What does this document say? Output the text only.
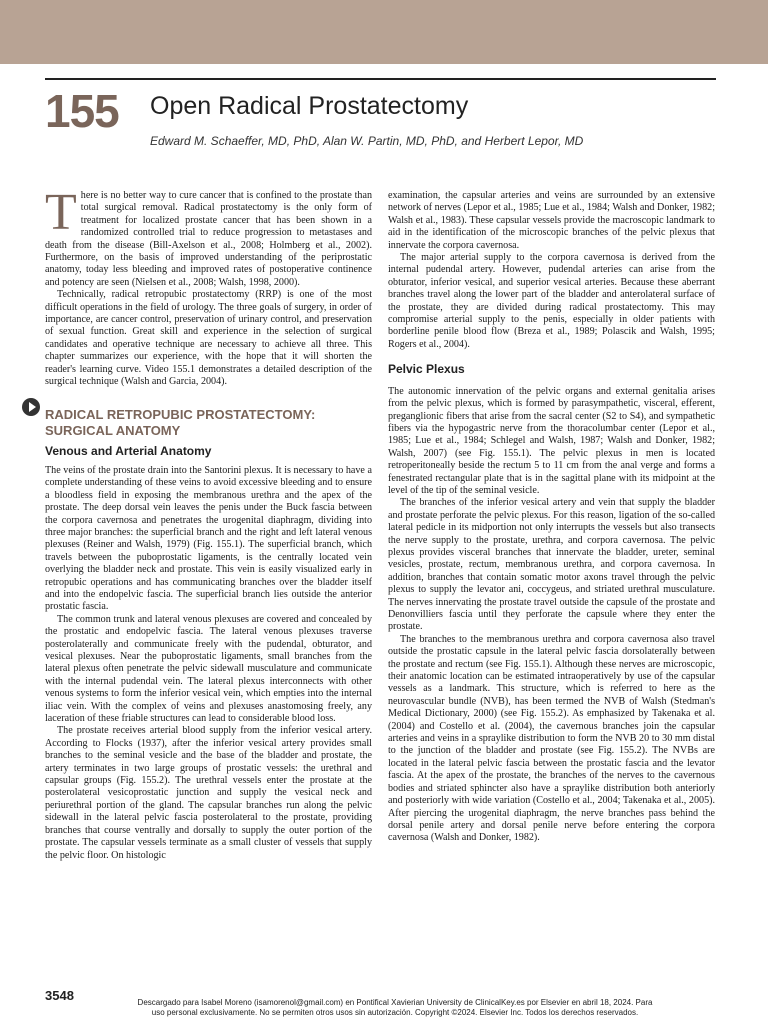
155 Open Radical Prostatectomy
Edward M. Schaeffer, MD, PhD, Alan W. Partin, MD, PhD, and Herbert Lepor, MD

There is no better way to cure cancer that is confined to the prostate than total surgical removal. Radical prostatectomy is the only form of treatment for localized prostate cancer that has been shown in a randomized controlled trial to reduce progression to metastases and death from the disease (Bill-Axelson et al., 2008; Holmberg et al., 2002). Furthermore, on the basis of improved understanding of the periprostatic anatomy, today less bleeding and improved rates of postoperative continence and potency are seen (Nielsen et al., 2008; Walsh, 1998, 2000).

Technically, radical retropubic prostatectomy (RRP) is one of the most difficult operations in the field of urology. The three goals of surgery, in order of importance, are cancer control, preservation of urinary control, and preservation of sexual function. Great skill and experience in the selection of surgical candidates and operative technique are necessary to achieve all three. This chapter summarizes our experience, with the hope that it will shorten the reader's learning curve. Video 155.1 demonstrates a detailed description of the surgical technique (Walsh and Garcia, 2004).

RADICAL RETROPUBIC PROSTATECTOMY: SURGICAL ANATOMY
Venous and Arterial Anatomy

The veins of the prostate drain into the Santorini plexus. It is necessary to have a complete understanding of these veins to avoid excessive bleeding and to ensure a bloodless field in exposing the membranous urethra and the apex of the prostate. The deep dorsal vein leaves the penis under the Buck fascia between the corpora cavernosa and penetrates the urogenital diaphragm, dividing into three major branches: the superficial branch and the right and left lateral venous plexuses (Reiner and Walsh, 1979) (Fig. 155.1). The superficial branch, which travels between the puboprostatic ligaments, is the centrally located vein overlying the bladder neck and prostate. This vein is easily visualized early in retropubic operations and has communicating branches over the bladder itself and into the endopelvic fascia. The superficial branch lies outside the anterior prostatic fascia.

The common trunk and lateral venous plexuses are covered and concealed by the prostatic and endopelvic fascia. The lateral venous plexuses traverse posterolaterally and communicate freely with the pudendal, obturator, and vesical plexuses. Near the puboprostatic ligaments, small branches from the lateral plexus often penetrate the pelvic sidewall musculature and communicate with the internal pudendal vein. The lateral plexus interconnects with other venous systems to form the inferior vesical vein, which empties into the internal iliac vein. With the complex of veins and plexuses anastomosing freely, any laceration of these friable structures can lead to considerable blood loss.

The prostate receives arterial blood supply from the inferior vesical artery. According to Flocks (1937), after the inferior vesical artery provides small branches to the seminal vesicle and the base of the bladder and prostate, the artery terminates in two large groups of prostatic vessels: the urethral and capsular groups (Fig. 155.2). The urethral vessels enter the prostate at the posterolateral vesicoprostatic junction and supply the vesical neck and periurethral portion of the gland. The capsular branches run along the pelvic sidewall in the lateral pelvic fascia posterolateral to the prostate, providing branches that course ventrally and dorsally to supply the outer portion of the prostate. The capsular vessels terminate as a small cluster of vessels that supply the pelvic floor. On histologic

examination, the capsular arteries and veins are surrounded by an extensive network of nerves (Lepor et al., 1985; Lue et al., 1984; Walsh and Donker, 1982; Walsh et al., 1983). These capsular vessels provide the macroscopic landmark to aid in the identification of the microscopic branches of the pelvic plexus that innervate the corpora cavernosa.

The major arterial supply to the corpora cavernosa is derived from the internal pudendal artery. However, pudendal arteries can arise from the obturator, inferior vesical, and superior vesical arteries. Because these aberrant branches travel along the lower part of the bladder and anterolateral surface of the prostate, they are divided during radical prostatectomy. This may compromise arterial supply to the penis, especially in older patients with borderline penile blood flow (Breza et al., 1989; Polascik and Walsh, 1995; Rogers et al., 2004).

Pelvic Plexus

The autonomic innervation of the pelvic organs and external genitalia arises from the pelvic plexus, which is formed by parasympathetic, visceral, efferent, preganglionic fibers that arise from the sacral center (S2 to S4), and sympathetic fibers via the hypogastric nerve from the thoracolumbar center (Lepor et al., 1985; Lue et al., 1984; Schlegel and Walsh, 1987; Walsh and Donker, 1982; Walsh, 2007) (see Fig. 155.1). The pelvic plexus in men is located retroperitoneally beside the rectum 5 to 11 cm from the anal verge and forms a fenestrated rectangular plate that is in the sagittal plane with its midpoint at the level of the tip of the seminal vesicle.

The branches of the inferior vesical artery and vein that supply the bladder and prostate perforate the pelvic plexus. For this reason, ligation of the so-called lateral pedicle in its midportion not only interrupts the vessels but also transects the nerve supply to the prostate, urethra, and corpora cavernosa. The pelvic plexus provides visceral branches that innervate the bladder, ureter, seminal vesicles, prostate, rectum, membranous urethra, and corpora cavernosa. In addition, branches that contain somatic motor axons travel through the pelvic plexus to supply the levator ani, coccygeus, and striated urethral musculature. The nerves innervating the prostate travel outside the capsule of the prostate and Denonvilliers fascia until they perforate the capsule where they enter the prostate.

The branches to the membranous urethra and corpora cavernosa also travel outside the prostatic capsule in the lateral pelvic fascia dorsolaterally between the prostate and rectum (see Fig. 155.1). Although these nerves are microscopic, their anatomic location can be estimated intraoperatively by use of the capsular vessels as a landmark. This structure, which is referred to here as the neurovascular bundle (NVB), has been termed the NVB of Walsh (Stedman's Medical Dictionary, 2000) (see Fig. 155.2). As emphasized by Takenaka et al. (2004) and Costello et al. (2004), the cavernous branches join the capsular arteries and veins in a spraylike distribution to form the NVB 20 to 30 mm distal to the junction of the bladder and prostate (see Fig. 155.2). The NVBs are located in the lateral pelvic fascia between the prostatic fascia and the levator fascia. At the apex of the prostate, the branches of the nerves to the cavernous bodies and striated sphincter also have a spraylike distribution both anteriorly and posteriorly with wide variation (Costello et al., 2004; Takenaka et al., 2005). After piercing the urogenital diaphragm, the nerve branches pass behind the dorsal penile artery and dorsal penile nerve before entering the corpora cavernosa (Walsh and Donker, 1982).

3548	Descargado para Isabel Moreno (isamorenol@gmail.com) en Pontifical Xavierian University de ClinicalKey.es por Elsevier en abril 18, 2024. Para
uso personal exclusivamente. No se permiten otros usos sin autorización. Copyright ©2024. Elsevier Inc. Todos los derechos reservados.
